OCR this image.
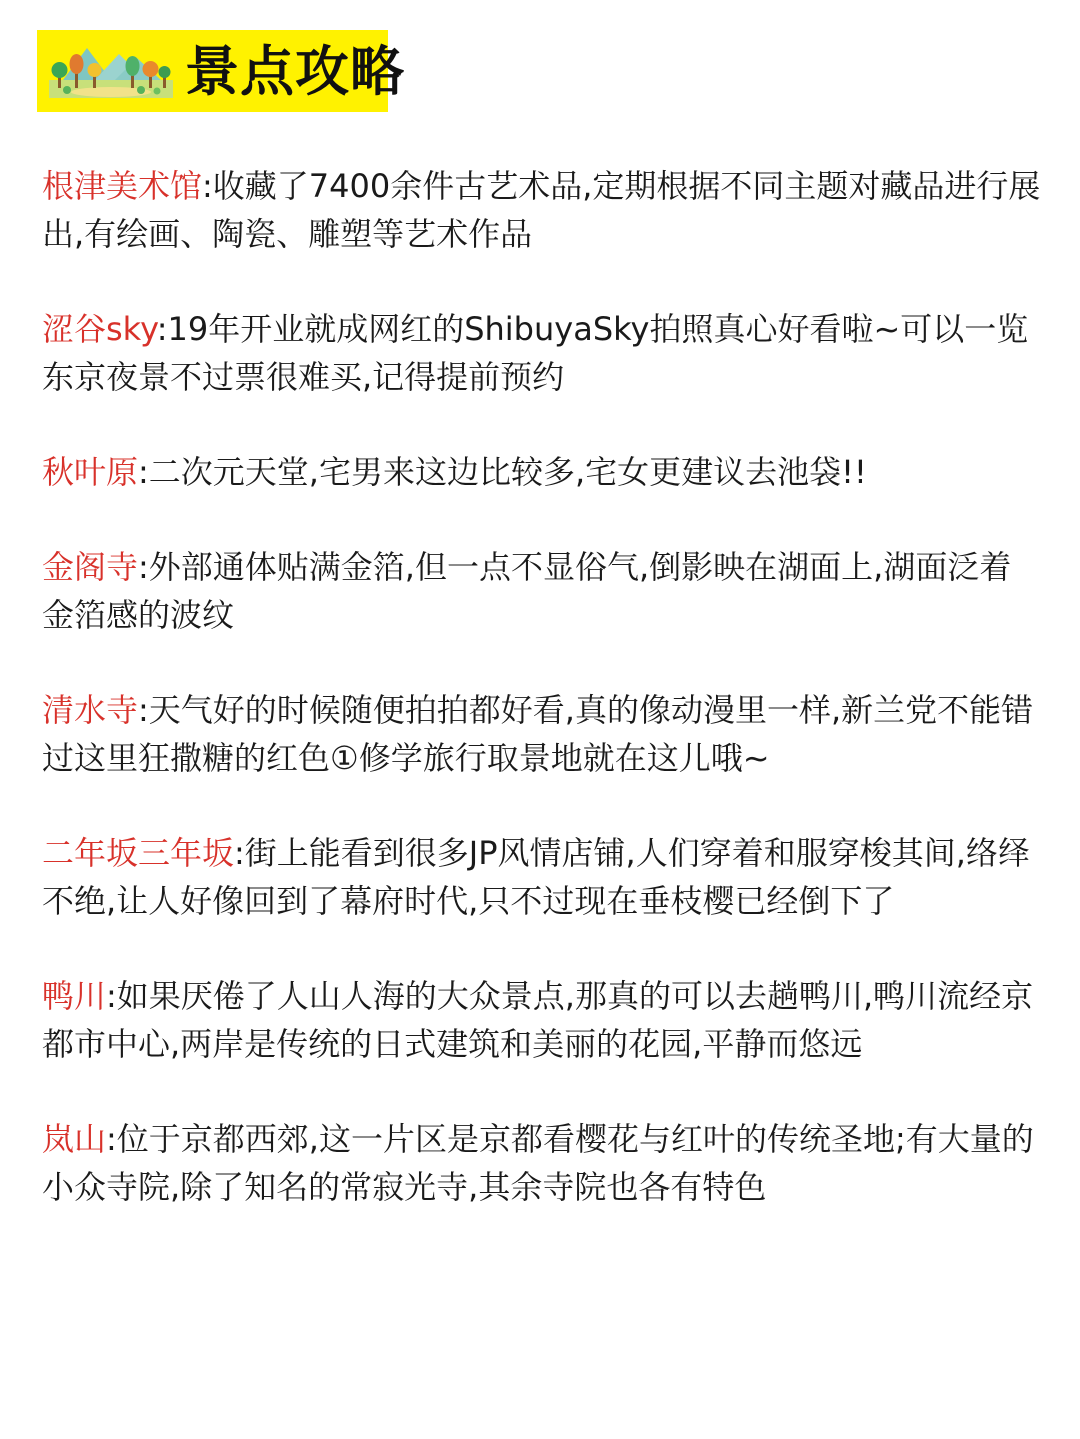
景点攻略

根津美术馆:收藏了7400余件古艺术品,定期根据不同主题对藏品进行展出,有绘画、陶瓷、雕塑等艺术作品

涩谷sky:19年开业就成网红的ShibuyaSky拍照真心好看啦~可以一览东京夜景不过票很难买,记得提前预约

秋叶原:二次元天堂,宅男来这边比较多,宅女更建议去池袋!!

金阁寺:外部通体贴满金箔,但一点不显俗气,倒影映在湖面上,湖面泛着金箔感的波纹

清水寺:天气好的时候随便拍拍都好看,真的像动漫里一样,新兰党不能错过这里狂撒糖的红色①修学旅行取景地就在这儿哦~

二年坂三年坂:街上能看到很多JP风情店铺,人们穿着和服穿梭其间,络绎不绝,让人好像回到了幕府时代,只不过现在垂枝樱已经倒下了

鸭川:如果厌倦了人山人海的大众景点,那真的可以去趟鸭川,鸭川流经京都市中心,两岸是传统的日式建筑和美丽的花园,平静而悠远

岚山:位于京都西郊,这一片区是京都看樱花与红叶的传统圣地;有大量的小众寺院,除了知名的常寂光寺,其余寺院也各有特色
